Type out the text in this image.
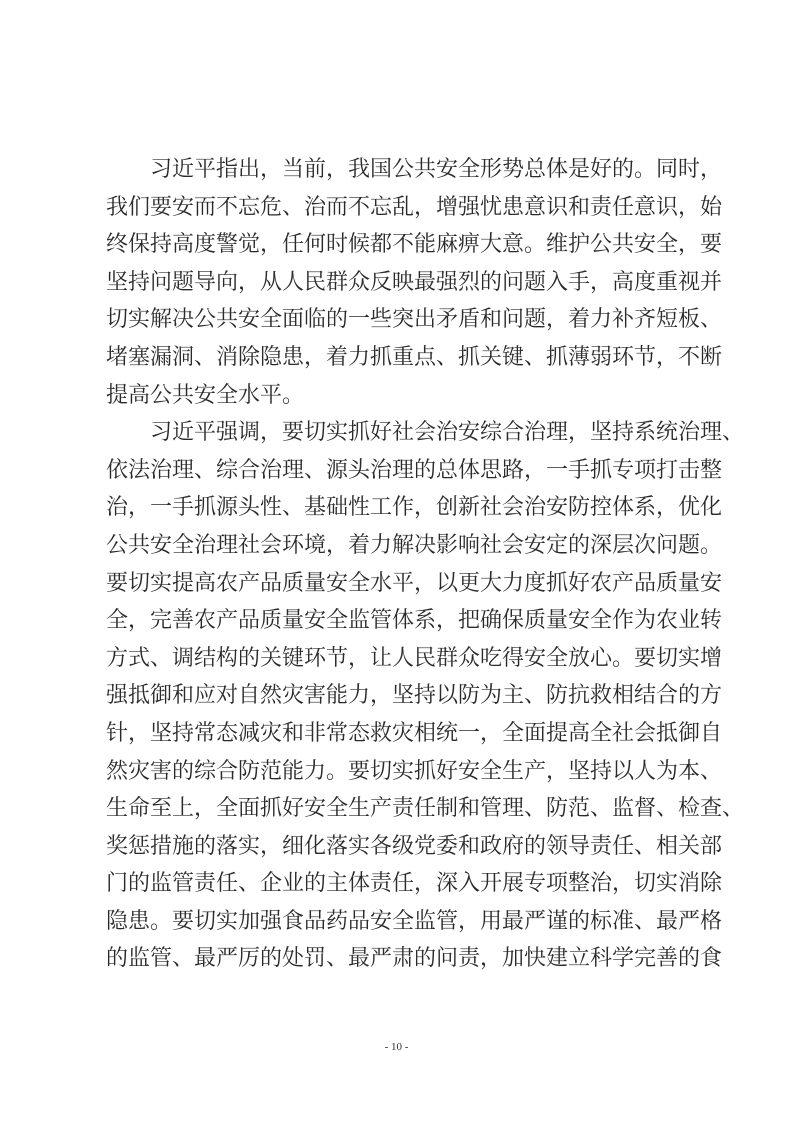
习近平指出，当前，我国公共安全形势总体是好的。同时，
我们要安而不忘危、治而不忘乱，增强忧患意识和责任意识，始
终保持高度警觉，任何时候都不能麻痹大意。维护公共安全，要
坚持问题导向，从人民群众反映最强烈的问题入手，高度重视并
切实解决公共安全面临的一些突出矛盾和问题，着力补齐短板、
堵塞漏洞、消除隐患，着力抓重点、抓关键、抓薄弱环节，不断
提高公共安全水平。
习近平强调，要切实抓好社会治安综合治理，坚持系统治理、
依法治理、综合治理、源头治理的总体思路，一手抓专项打击整
治，一手抓源头性、基础性工作，创新社会治安防控体系，优化
公共安全治理社会环境，着力解决影响社会安定的深层次问题。
要切实提高农产品质量安全水平，以更大力度抓好农产品质量安
全，完善农产品质量安全监管体系，把确保质量安全作为农业转
方式、调结构的关键环节，让人民群众吃得安全放心。要切实增
强抵御和应对自然灾害能力，坚持以防为主、防抗救相结合的方
针，坚持常态减灾和非常态救灾相统一，全面提高全社会抵御自
然灾害的综合防范能力。要切实抓好安全生产，坚持以人为本、
生命至上，全面抓好安全生产责任制和管理、防范、监督、检查、
奖惩措施的落实，细化落实各级党委和政府的领导责任、相关部
门的监管责任、企业的主体责任，深入开展专项整治，切实消除
隐患。要切实加强食品药品安全监管，用最严谨的标准、最严格
的监管、最严厉的处罚、最严肃的问责，加快建立科学完善的食
- 10 -
